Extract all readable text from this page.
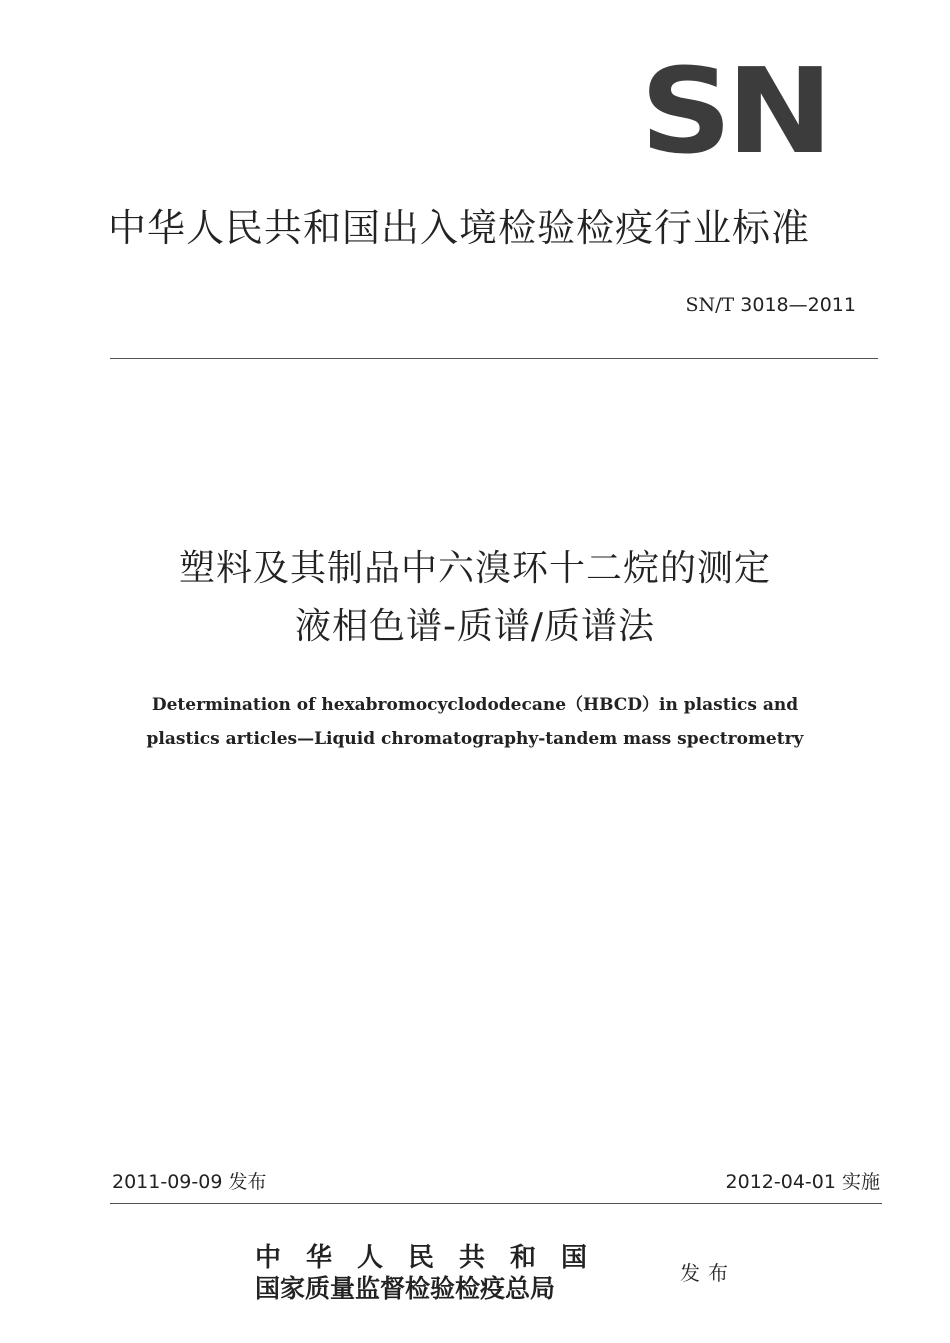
SN
中华人民共和国出入境检验检疫行业标准
SN/T 3018—2011
塑料及其制品中六溴环十二烷的测定
液相色谱-质谱/质谱法
Determination of hexabromocyclododecane（HBCD）in plastics and
plastics articles—Liquid chromatography-tandem mass spectrometry
2011-09-09 发布	2012-04-01 实施
中华人民共和国
国家质量监督检验检疫总局
发布
